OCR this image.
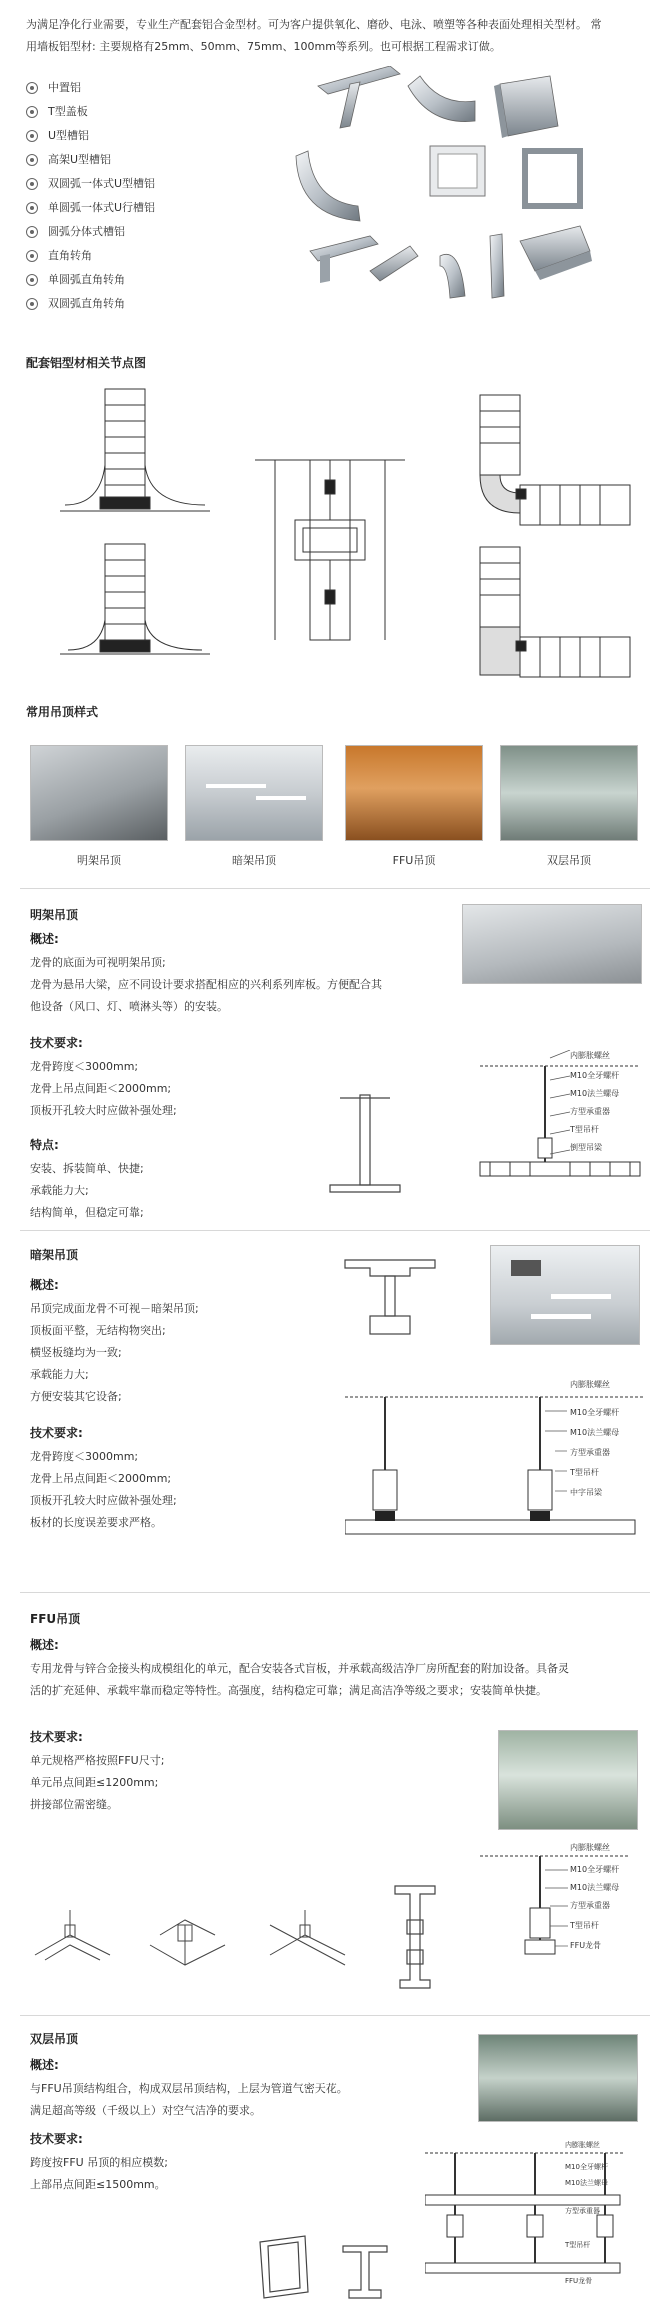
为满足净化行业需要，专业生产配套铝合金型材。可为客户提供氧化、磨砂、电泳、喷塑等各种表面处理相关型材。 常
用墙板铝型材: 主要规格有25mm、50mm、75mm、100mm等系列。也可根据工程需求订做。
中置铝
T型盖板
U型槽铝
高架U型槽铝
双圆弧一体式U型槽铝
单圆弧一体式U行槽铝
圆弧分体式槽铝
直角转角
单圆弧直角转角
双圆弧直角转角
配套铝型材相关节点图
常用吊顶样式
明架吊顶	暗架吊顶	FFU吊顶	双层吊顶
明架吊顶
概述:
龙骨的底面为可视明架吊顶;
龙骨为悬吊大梁，应不同设计要求搭配相应的兴利系列库板。方便配合其
他设备（风口、灯、喷淋头等）的安装。
技术要求:
龙骨跨度＜3000mm;
龙骨上吊点间距＜2000mm;
顶板开孔较大时应做补强处理;
特点:
安装、拆装简单、快捷;
承载能力大;
结构简单，但稳定可靠;
内膨胀螺丝
M10全牙螺杆
M10法兰螺母
方型承重器
T型吊杆
倒型吊梁
暗架吊顶
概述:
吊顶完成面龙骨不可视－暗架吊顶;
顶板面平整，无结构物突出;
横竖板缝均为一致;
承载能力大;
方便安装其它设备;
技术要求:
龙骨跨度＜3000mm;
龙骨上吊点间距＜2000mm;
顶板开孔较大时应做补强处理;
板材的长度误差要求严格。
内膨胀螺丝
M10全牙螺杆
M10法兰螺母
方型承重器
T型吊杆
中字吊梁
FFU吊顶
概述:
专用龙骨与锌合金接头构成模组化的单元，配合安装各式盲板，并承载高级洁净厂房所配套的附加设备。具备灵
活的扩充延伸、承载牢靠而稳定等特性。高强度，结构稳定可靠；满足高洁净等级之要求；安装简单快捷。
技术要求:
单元规格严格按照FFU尺寸;
单元吊点间距≤1200mm;
拼接部位需密缝。
内膨胀螺丝
M10全牙螺杆
M10法兰螺母
方型承重器
T型吊杆
FFU龙骨
双层吊顶
概述:
与FFU吊顶结构组合，构成双层吊顶结构，上层为管道气密天花。
满足超高等级（千级以上）对空气洁净的要求。
技术要求:
跨度按FFU 吊顶的相应模数;
上部吊点间距≤1500mm。
内膨胀螺丝
M10全牙螺杆
M10法兰螺母
方型承重器
T型吊杆
FFU龙骨
